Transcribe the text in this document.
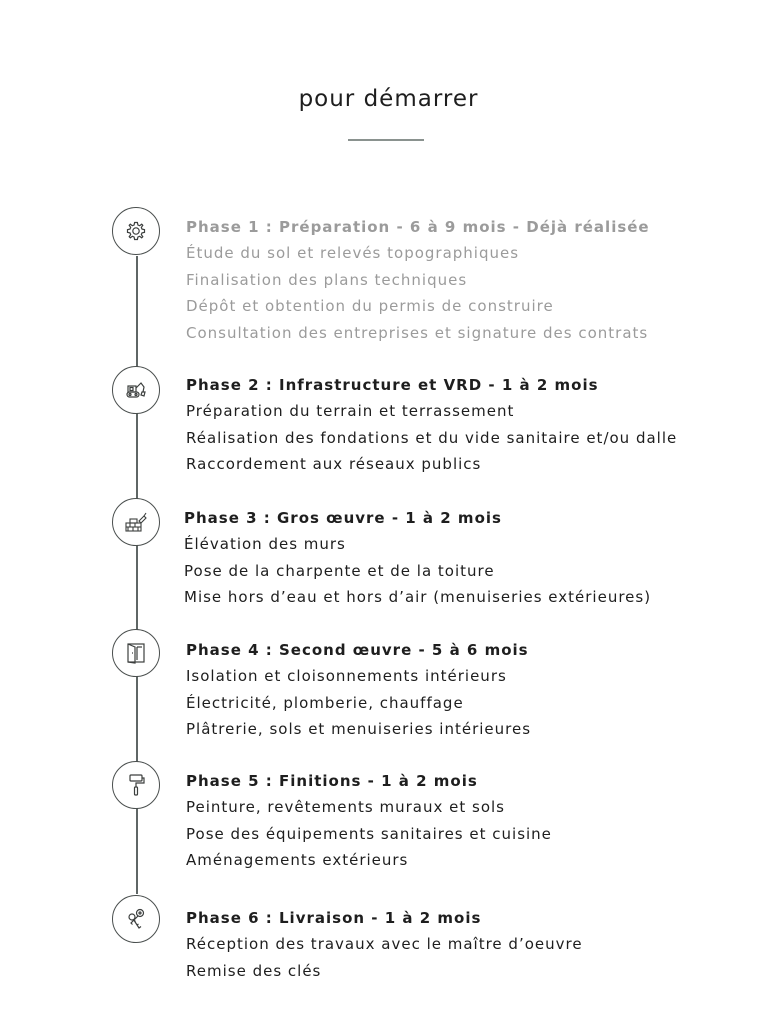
pour démarrer
Phase 1 : Préparation - 6 à 9 mois - Déjà réalisée
Étude du sol et relevés topographiques
Finalisation des plans techniques
Dépôt et obtention du permis de construire
Consultation des entreprises et signature des contrats
Phase 2 : Infrastructure et VRD - 1 à 2 mois
Préparation du terrain et terrassement
Réalisation des fondations et du vide sanitaire et/ou dalle
Raccordement aux réseaux publics
Phase 3 : Gros œuvre - 1 à 2 mois
Élévation des murs
Pose de la charpente et de la toiture
Mise hors d’eau et hors d’air (menuiseries extérieures)
Phase 4 : Second œuvre - 5 à 6 mois
Isolation et cloisonnements intérieurs
Électricité, plomberie, chauffage
Plâtrerie, sols et menuiseries intérieures
Phase 5 : Finitions - 1 à 2 mois
Peinture, revêtements muraux et sols
Pose des équipements sanitaires et cuisine
Aménagements extérieurs
Phase 6 : Livraison - 1 à 2 mois
Réception des travaux avec le maître d’oeuvre
Remise des clés
